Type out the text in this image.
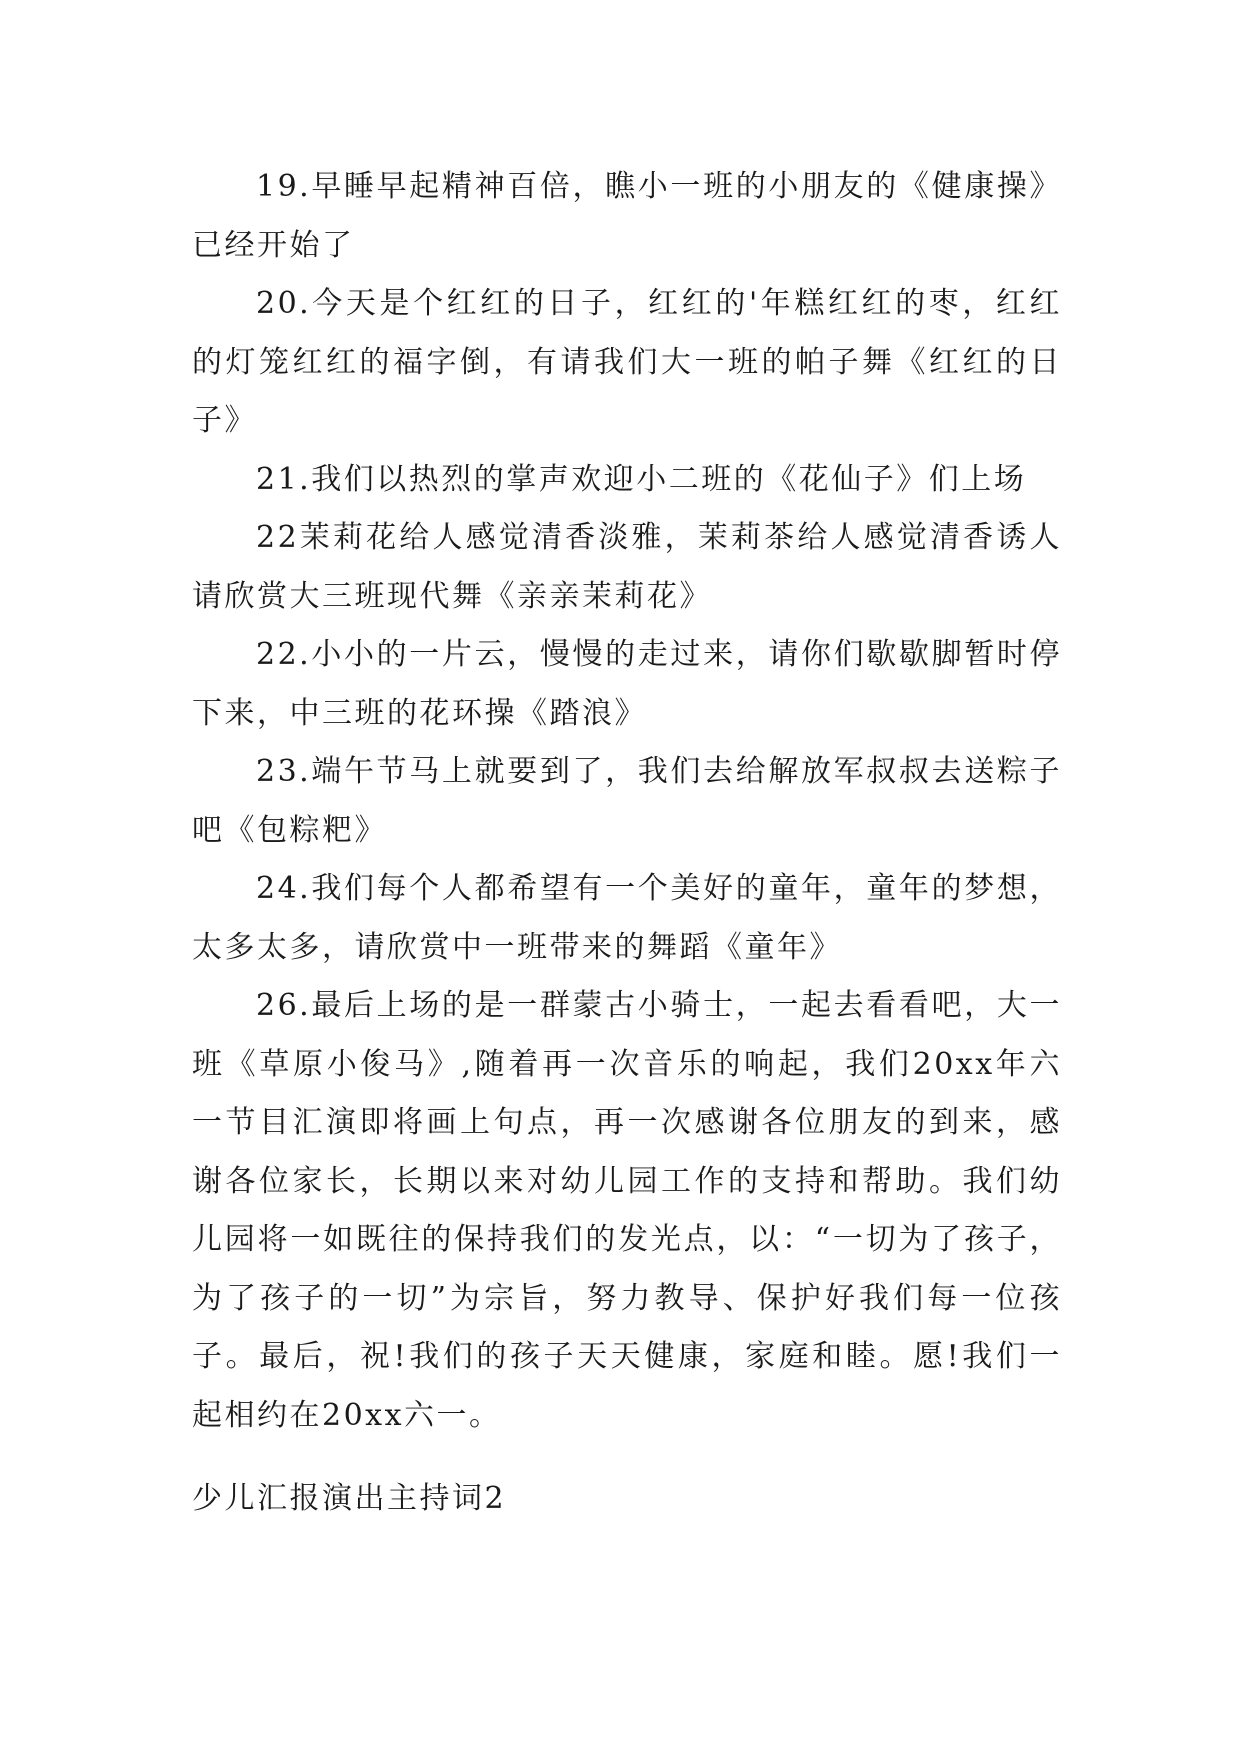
19.早睡早起精神百倍，瞧小一班的小朋友的《健康操》已经开始了

20.今天是个红红的日子，红红的'年糕红红的枣，红红的灯笼红红的福字倒，有请我们大一班的帕子舞《红红的日子》

21.我们以热烈的掌声欢迎小二班的《花仙子》们上场

22茉莉花给人感觉清香淡雅，茉莉茶给人感觉清香诱人请欣赏大三班现代舞《亲亲茉莉花》

22.小小的一片云，慢慢的走过来，请你们歇歇脚暂时停下来，中三班的花环操《踏浪》

23.端午节马上就要到了，我们去给解放军叔叔去送粽子吧《包粽粑》

24.我们每个人都希望有一个美好的童年，童年的梦想，太多太多，请欣赏中一班带来的舞蹈《童年》

26.最后上场的是一群蒙古小骑士，一起去看看吧，大一班《草原小俊马》,随着再一次音乐的响起，我们20xx年六一节目汇演即将画上句点，再一次感谢各位朋友的到来，感谢各位家长，长期以来对幼儿园工作的支持和帮助。我们幼儿园将一如既往的保持我们的发光点，以：“一切为了孩子，为了孩子的一切”为宗旨，努力教导、保护好我们每一位孩子。最后，祝!我们的孩子天天健康，家庭和睦。愿!我们一起相约在20xx六一。

少儿汇报演出主持词2
